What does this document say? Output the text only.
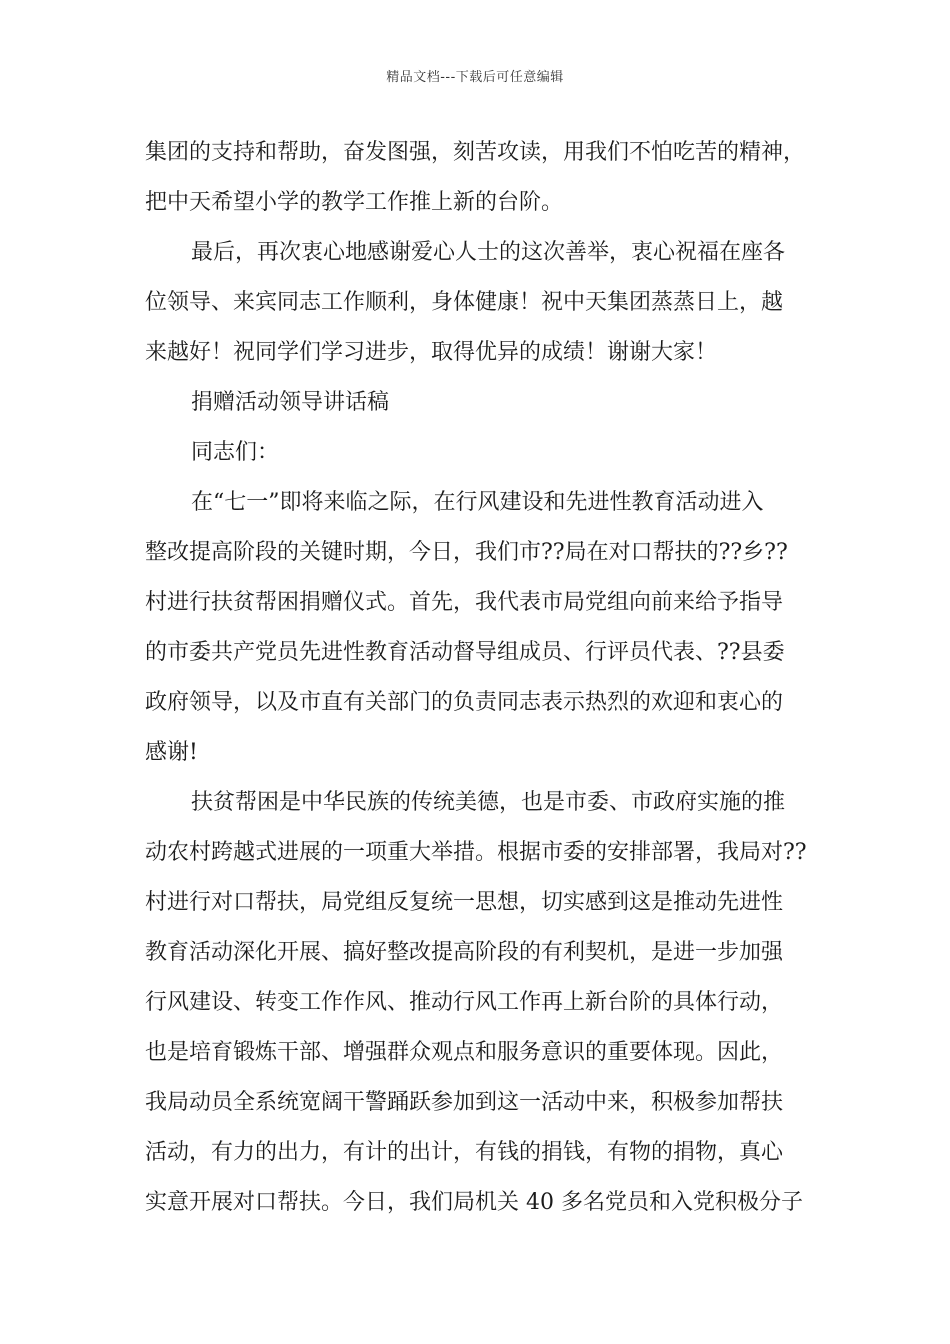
精品文档---下载后可任意编辑
集团的支持和帮助，奋发图强，刻苦攻读，用我们不怕吃苦的精神，
把中天希望小学的教学工作推上新的台阶。
最后，再次衷心地感谢爱心人士的这次善举，衷心祝福在座各
位领导、来宾同志工作顺利，身体健康！祝中天集团蒸蒸日上，越
来越好！祝同学们学习进步，取得优异的成绩！谢谢大家！
捐赠活动领导讲话稿
同志们：
在“七一”即将来临之际，在行风建设和先进性教育活动进入
整改提高阶段的关键时期，今日，我们市??局在对口帮扶的??乡??
村进行扶贫帮困捐赠仪式。首先，我代表市局党组向前来给予指导
的市委共产党员先进性教育活动督导组成员、行评员代表、??县委
政府领导，以及市直有关部门的负责同志表示热烈的欢迎和衷心的
感谢!
扶贫帮困是中华民族的传统美德，也是市委、市政府实施的推
动农村跨越式进展的一项重大举措。根据市委的安排部署，我局对??
村进行对口帮扶，局党组反复统一思想，切实感到这是推动先进性
教育活动深化开展、搞好整改提高阶段的有利契机，是进一步加强
行风建设、转变工作作风、推动行风工作再上新台阶的具体行动，
也是培育锻炼干部、增强群众观点和服务意识的重要体现。因此，
我局动员全系统宽阔干警踊跃参加到这一活动中来，积极参加帮扶
活动，有力的出力，有计的出计，有钱的捐钱，有物的捐物，真心
实意开展对口帮扶。今日，我们局机关 40 多名党员和入党积极分子
